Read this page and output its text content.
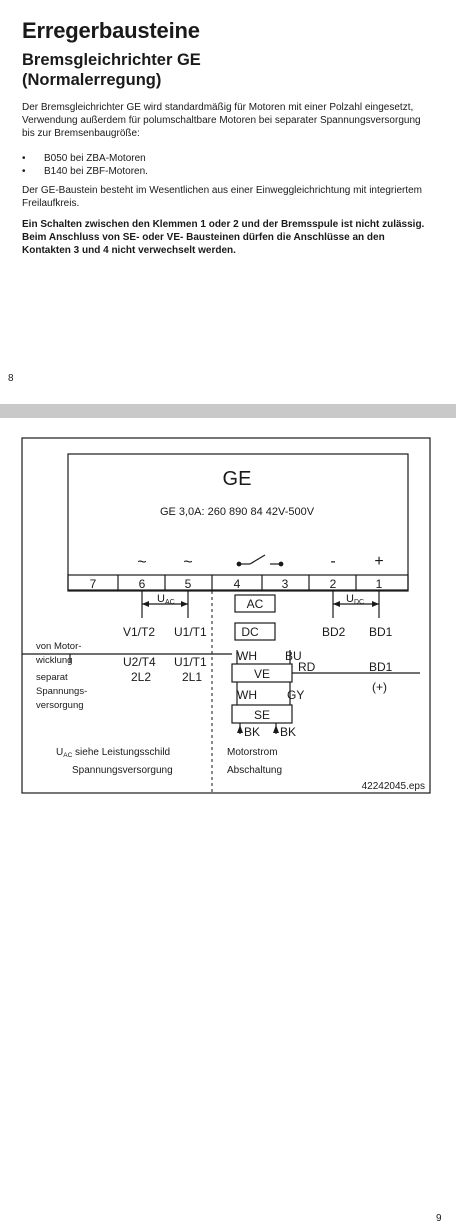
Erregerbausteine
Bremsgleichrichter GE
(Normalerregung)
Der Bremsgleichrichter GE wird standardmäßig für Motoren mit einer Polzahl eingesetzt, Verwendung außerdem für polumschaltbare Motoren bei separater Spannungsversorgung bis zur Bremsenbaugröße:
• B050 bei ZBA-Motoren
• B140 bei ZBF-Motoren.
Der GE-Baustein besteht im Wesentlichen aus einer Einweggleichrichtung mit integriertem Freilaufkreis.
Ein Schalten zwischen den Klemmen 1 oder 2 und der Bremsspule ist nicht zulässig.
Beim Anschluss von SE- oder VE- Bausteinen dürfen die Anschlüsse an den Kontakten 3 und 4 nicht verwechselt werden.
8
GE
GE 3,0A: 260 890 84 42V-500V
~ ~	- +
7	6	5	4	3	2	1
UAC	UDC
AC
DC
V1/T2 U1/T1
U2/T4 U1/T1
2L2	2L1
BD2 BD1
BD1
(+)
WH BU
RD
VE
WH	GY
SE
BK BK
von Motor-
wicklung
separat
Spannungs-
versorgung
$U_{AC}$ siehe Leistungsschild
Spannungsversorgung
Motorstrom
Abschaltung
42242045.eps
9
